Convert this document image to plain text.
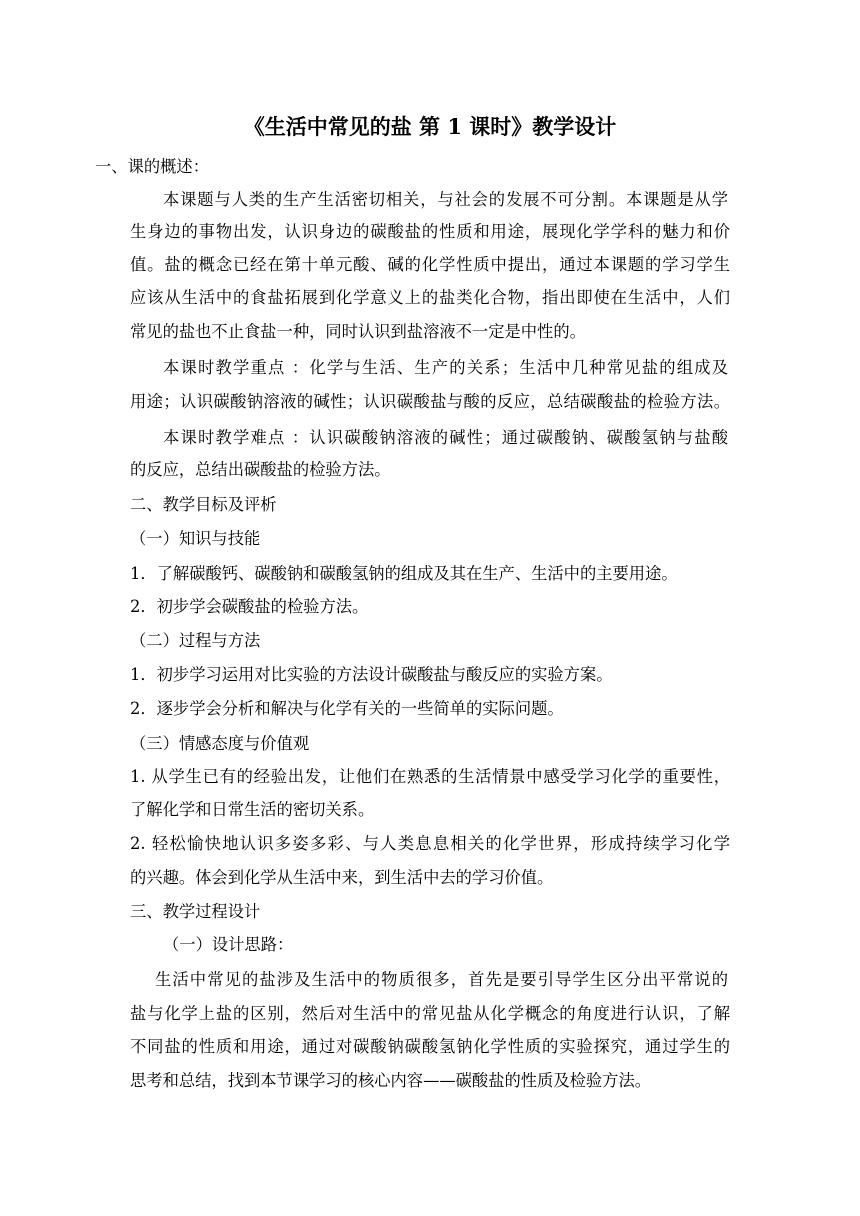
《生活中常见的盐 第 1 课时》教学设计
一、课的概述：
本课题与人类的生产生活密切相关，与社会的发展不可分割。本课题是从学
生身边的事物出发，认识身边的碳酸盐的性质和用途，展现化学学科的魅力和价
值。盐的概念已经在第十单元酸、碱的化学性质中提出，通过本课题的学习学生
应该从生活中的食盐拓展到化学意义上的盐类化合物，指出即使在生活中，人们
常见的盐也不止食盐一种，同时认识到盐溶液不一定是中性的。
本课时教学重点 ：化学与生活、生产的关系；生活中几种常见盐的组成及
用途；认识碳酸钠溶液的碱性；认识碳酸盐与酸的反应，总结碳酸盐的检验方法。
本课时教学难点 ：认识碳酸钠溶液的碱性；通过碳酸钠、碳酸氢钠与盐酸
的反应，总结出碳酸盐的检验方法。
二、教学目标及评析
（一）知识与技能
1．了解碳酸钙、碳酸钠和碳酸氢钠的组成及其在生产、生活中的主要用途。
2．初步学会碳酸盐的检验方法。
（二）过程与方法
1．初步学习运用对比实验的方法设计碳酸盐与酸反应的实验方案。
2．逐步学会分析和解决与化学有关的一些简单的实际问题。
（三）情感态度与价值观
1. 从学生已有的经验出发，让他们在熟悉的生活情景中感受学习化学的重要性，
了解化学和日常生活的密切关系。
2. 轻松愉快地认识多姿多彩、与人类息息相关的化学世界，形成持续学习化学
的兴趣。体会到化学从生活中来，到生活中去的学习价值。
三、教学过程设计
（一）设计思路：
生活中常见的盐涉及生活中的物质很多，首先是要引导学生区分出平常说的
盐与化学上盐的区别，然后对生活中的常见盐从化学概念的角度进行认识，了解
不同盐的性质和用途，通过对碳酸钠碳酸氢钠化学性质的实验探究，通过学生的
思考和总结，找到本节课学习的核心内容——碳酸盐的性质及检验方法。
